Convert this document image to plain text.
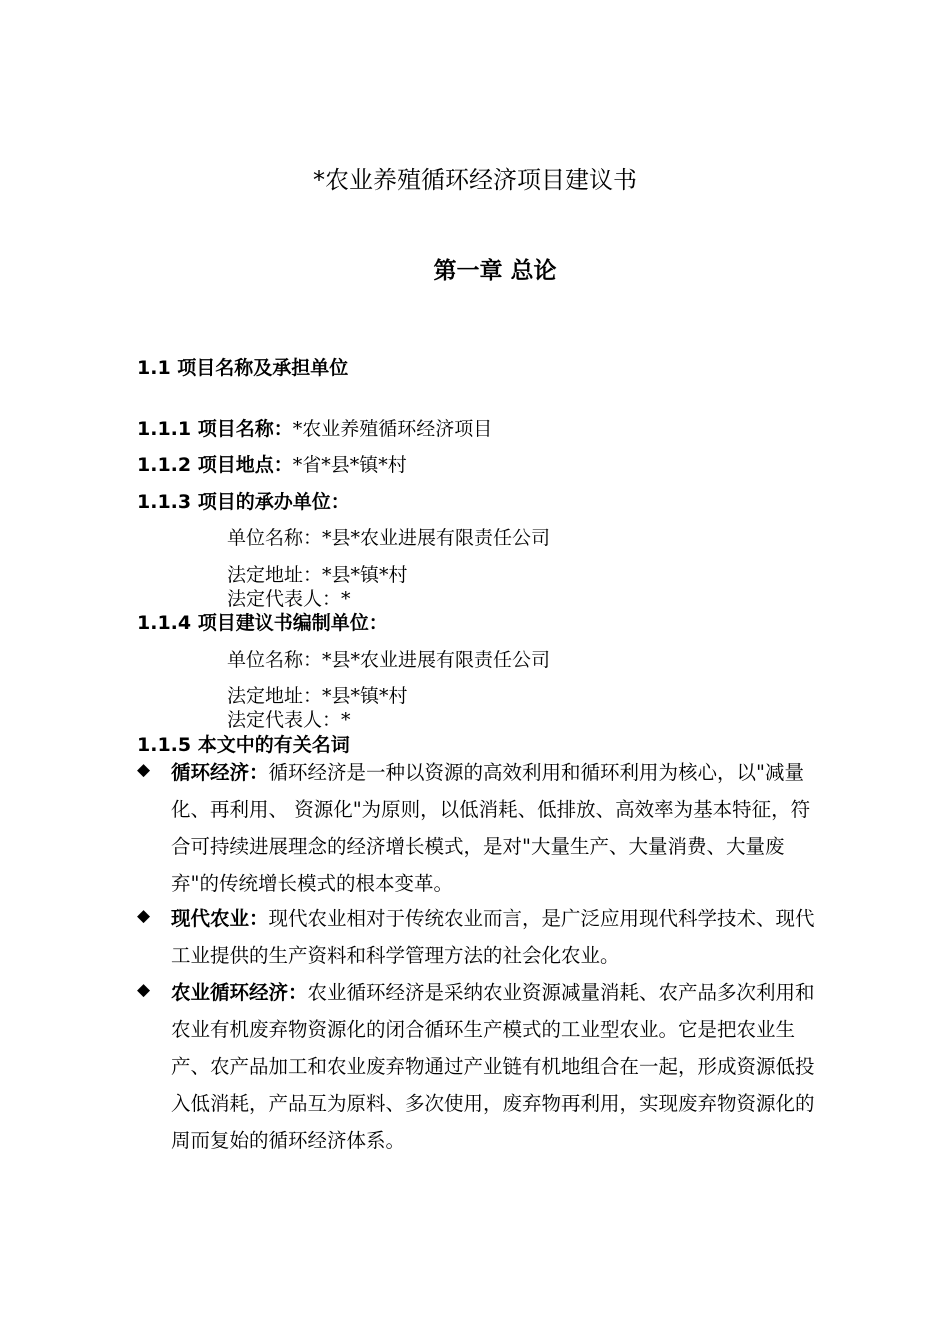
*农业养殖循环经济项目建议书
第一章 总论
1.1 项目名称及承担单位
1.1.1 项目名称：*农业养殖循环经济项目
1.1.2 项目地点：*省*县*镇*村
1.1.3 项目的承办单位：
单位名称：*县*农业进展有限责任公司
法定地址：*县*镇*村
法定代表人：*
1.1.4 项目建议书编制单位：
单位名称：*县*农业进展有限责任公司
法定地址：*县*镇*村
法定代表人：*
1.1.5 本文中的有关名词
◆ 循环经济：循环经济是一种以资源的高效利用和循环利用为核心，以"减量化、再利用、 资源化"为原则，以低消耗、低排放、高效率为基本特征，符合可持续进展理念的经济增长模式，是对"大量生产、大量消费、大量废弃"的传统增长模式的根本变革。
◆ 现代农业：现代农业相对于传统农业而言，是广泛应用现代科学技术、现代工业提供的生产资料和科学管理方法的社会化农业。
◆ 农业循环经济：农业循环经济是采纳农业资源减量消耗、农产品多次利用和农业有机废弃物资源化的闭合循环生产模式的工业型农业。它是把农业生产、农产品加工和农业废弃物通过产业链有机地组合在一起，形成资源低投入低消耗，产品互为原料、多次使用，废弃物再利用，实现废弃物资源化的周而复始的循环经济体系。
